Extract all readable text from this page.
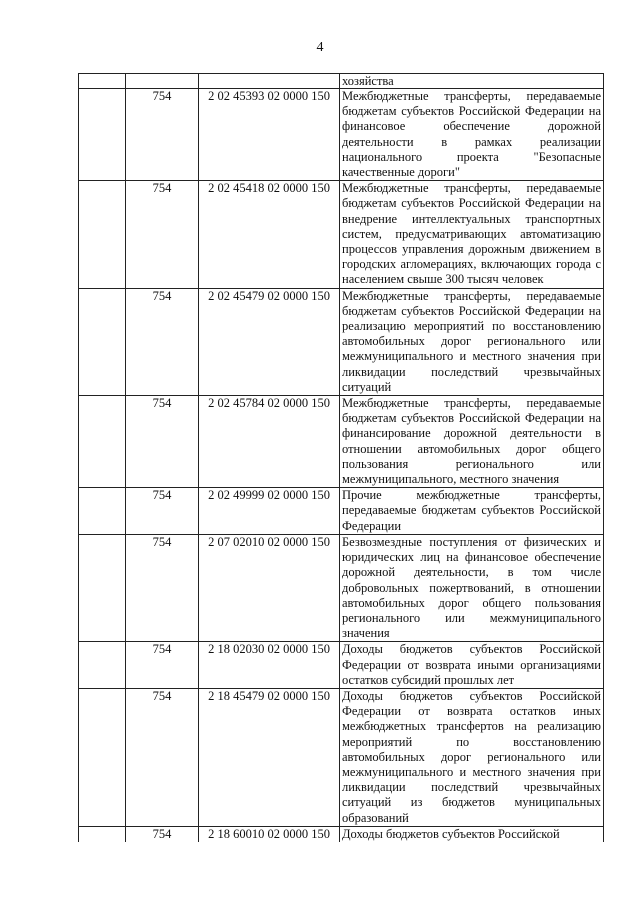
4
			хозяйства
	754	2 02 45393 02 0000 150	Межбюджетные трансферты, передаваемые бюджетам субъектов Российской Федерации на финансовое обеспечение дорожной деятельности в рамках реализации национального проекта "Безопасные качественные дороги"
	754	2 02 45418 02 0000 150	Межбюджетные трансферты, передаваемые бюджетам субъектов Российской Федерации на внедрение интеллектуальных транспортных систем, предусматривающих автоматизацию процессов управления дорожным движением в городских агломерациях, включающих города с населением свыше 300 тысяч человек
	754	2 02 45479 02 0000 150	Межбюджетные трансферты, передаваемые бюджетам субъектов Российской Федерации на реализацию мероприятий по восстановлению автомобильных дорог регионального или межмуниципального и местного значения при ликвидации последствий чрезвычайных ситуаций
	754	2 02 45784 02 0000 150	Межбюджетные трансферты, передаваемые бюджетам субъектов Российской Федерации на финансирование дорожной деятельности в отношении автомобильных дорог общего пользования регионального или межмуниципального, местного значения
	754	2 02 49999 02 0000 150	Прочие межбюджетные трансферты, передаваемые бюджетам субъектов Российской Федерации
	754	2 07 02010 02 0000 150	Безвозмездные поступления от физических и юридических лиц на финансовое обеспечение дорожной деятельности, в том числе добровольных пожертвований, в отношении автомобильных дорог общего пользования регионального или межмуниципального значения
	754	2 18 02030 02 0000 150	Доходы бюджетов субъектов Российской Федерации от возврата иными организациями остатков субсидий прошлых лет
	754	2 18 45479 02 0000 150	Доходы бюджетов субъектов Российской Федерации от возврата остатков иных межбюджетных трансфертов на реализацию мероприятий по восстановлению автомобильных дорог регионального или межмуниципального и местного значения при ликвидации последствий чрезвычайных ситуаций из бюджетов муниципальных образований
	754	2 18 60010 02 0000 150	Доходы бюджетов субъектов Российской
